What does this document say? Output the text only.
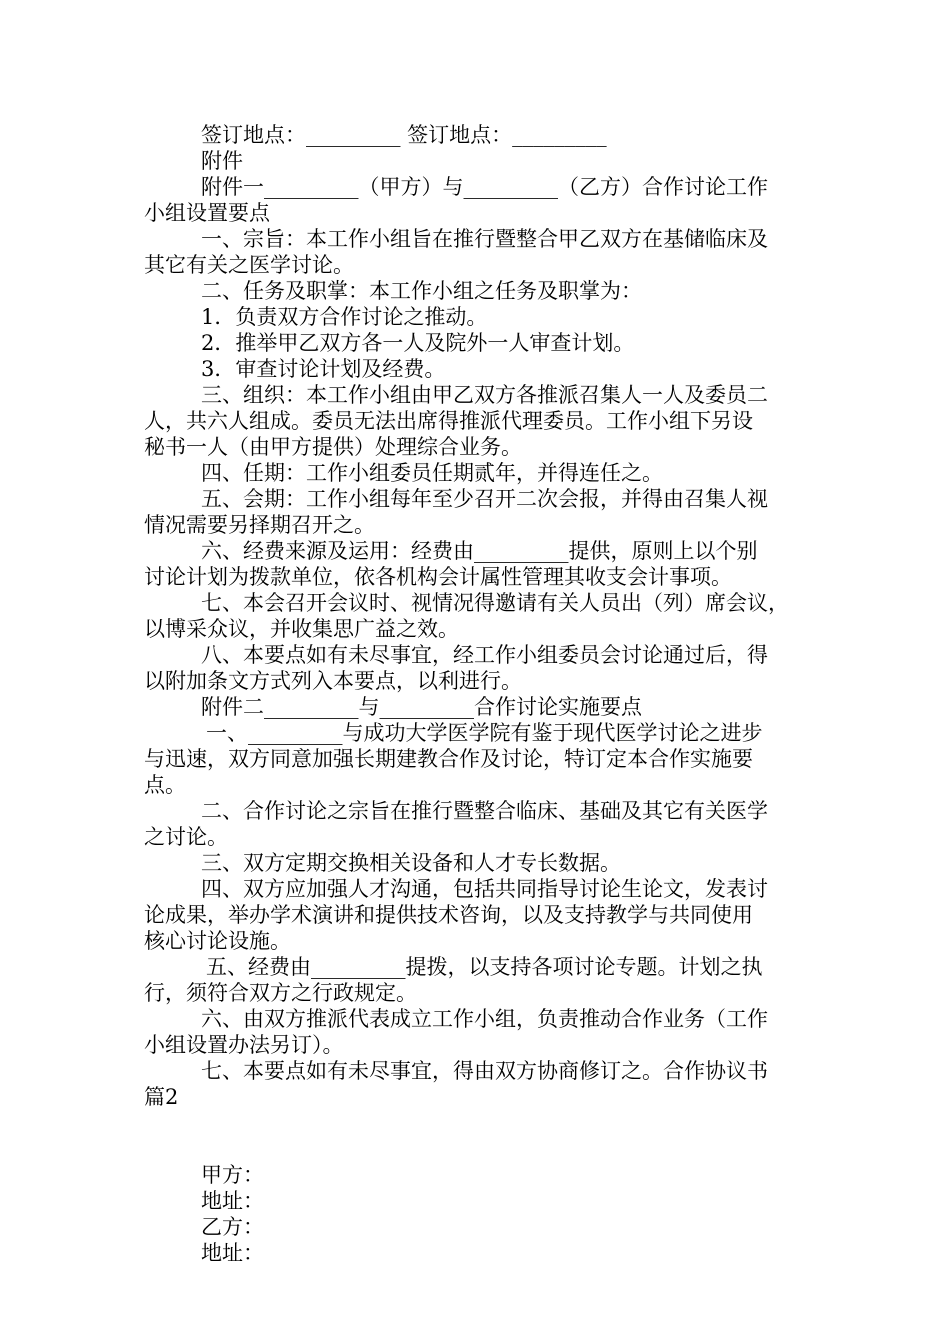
签订地点：_________ 签订地点：_________
附件
附件一_________（甲方）与_________（乙方）合作讨论工作
小组设置要点
一、宗旨：本工作小组旨在推行暨整合甲乙双方在基储临床及
其它有关之医学讨论。
二、任务及职掌：本工作小组之任务及职掌为：
1．负责双方合作讨论之推动。
2．推举甲乙双方各一人及院外一人审查计划。
3．审查讨论计划及经费。
三、组织：本工作小组由甲乙双方各推派召集人一人及委员二
人，共六人组成。委员无法出席得推派代理委员。工作小组下另设
秘书一人（由甲方提供）处理综合业务。
四、任期：工作小组委员任期贰年，并得连任之。
五、会期：工作小组每年至少召开二次会报，并得由召集人视
情况需要另择期召开之。
六、经费来源及运用：经费由_________提供，原则上以个别
讨论计划为拨款单位，依各机构会计属性管理其收支会计事项。
七、本会召开会议时、视情况得邀请有关人员出（列）席会议，
以博采众议，并收集思广益之效。
八、本要点如有未尽事宜，经工作小组委员会讨论通过后，得
以附加条文方式列入本要点，以利进行。
附件二_________与_________合作讨论实施要点
一、_________与成功大学医学院有鉴于现代医学讨论之进步
与迅速，双方同意加强长期建教合作及讨论，特订定本合作实施要
点。
二、合作讨论之宗旨在推行暨整合临床、基础及其它有关医学
之讨论。
三、双方定期交换相关设备和人才专长数据。
四、双方应加强人才沟通，包括共同指导讨论生论文，发表讨
论成果，举办学术演讲和提供技术咨询，以及支持教学与共同使用
核心讨论设施。
五、经费由_________提拨，以支持各项讨论专题。计划之执
行，须符合双方之行政规定。
六、由双方推派代表成立工作小组，负责推动合作业务（工作
小组设置办法另订）。
七、本要点如有未尽事宜，得由双方协商修订之。合作协议书
篇2
甲方：
地址：
乙方：
地址：
